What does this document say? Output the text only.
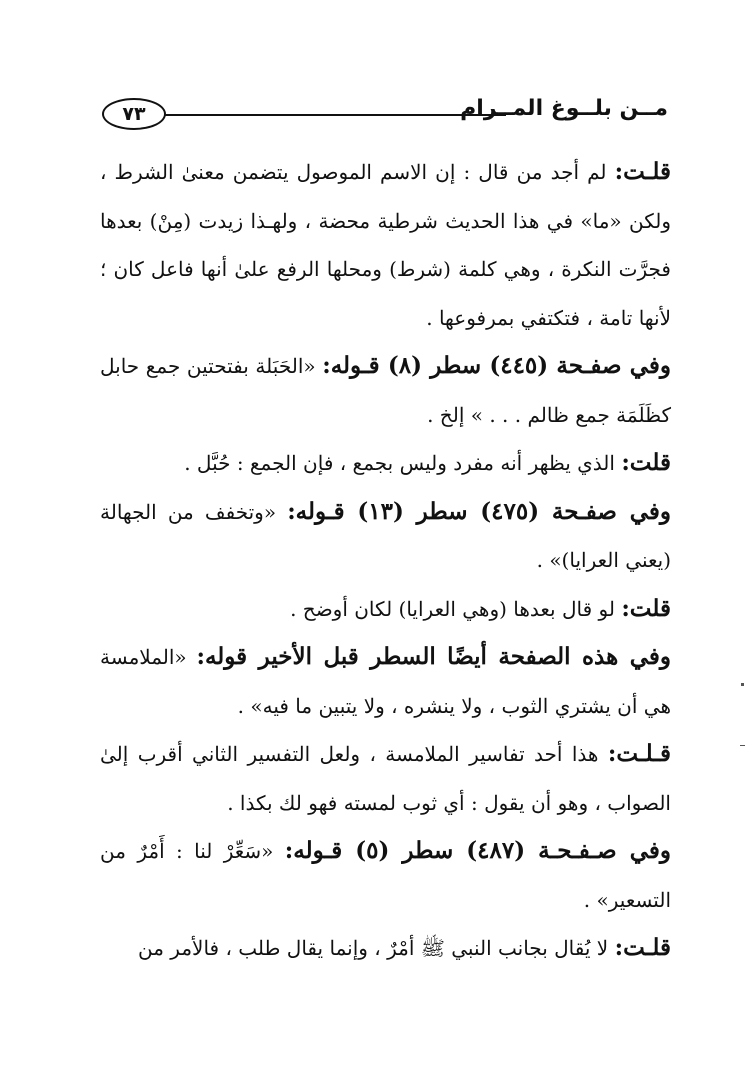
٧٣	مــن بلــوغ المــرام

قلـت: لم أجد من قال : إن الاسم الموصول يتضمن معنىٰ الشرط ، ولكن «ما» في هذا الحديث شرطية محضة ، ولهـذا زيدت (مِنْ) بعدها فجرَّت النكرة ، وهي كلمة (شرط) ومحلها الرفع علىٰ أنها فاعل كان ؛ لأنها تامة ، فتكتفي بمرفوعها .

وفي صفـحة (٤٤٥) سطر (٨) قـوله: «الحَبَلة بفتحتين جمع حابل كظَلَمَة جمع ظالم . . . » إلخ .

قلت: الذي يظهر أنه مفرد وليس بجمع ، فإن الجمع : حُبَّل .

وفي صفـحة (٤٧٥) سطر (١٣) قـوله: «وتخفف من الجهالة (يعني العرايا)» .

قلت: لو قال بعدها (وهي العرايا) لكان أوضح .

وفي هذه الصفحة أيضًا السطر قبل الأخير قوله: «الملامسة هي أن يشتري الثوب ، ولا ينشره ، ولا يتبين ما فيه» .

قـلـت: هذا أحد تفاسير الملامسة ، ولعل التفسير الثاني أقرب إلىٰ الصواب ، وهو أن يقول : أي ثوب لمسته فهو لك بكذا .

وفي صـفـحـة (٤٨٧) سطر (٥) قـوله: «سَعِّرْ لنا : أَمْرٌ من التسعير» .

قلـت: لا يُقال بجانب النبي ﷺ أمْرٌ ، وإنما يقال طلب ، فالأمر من
